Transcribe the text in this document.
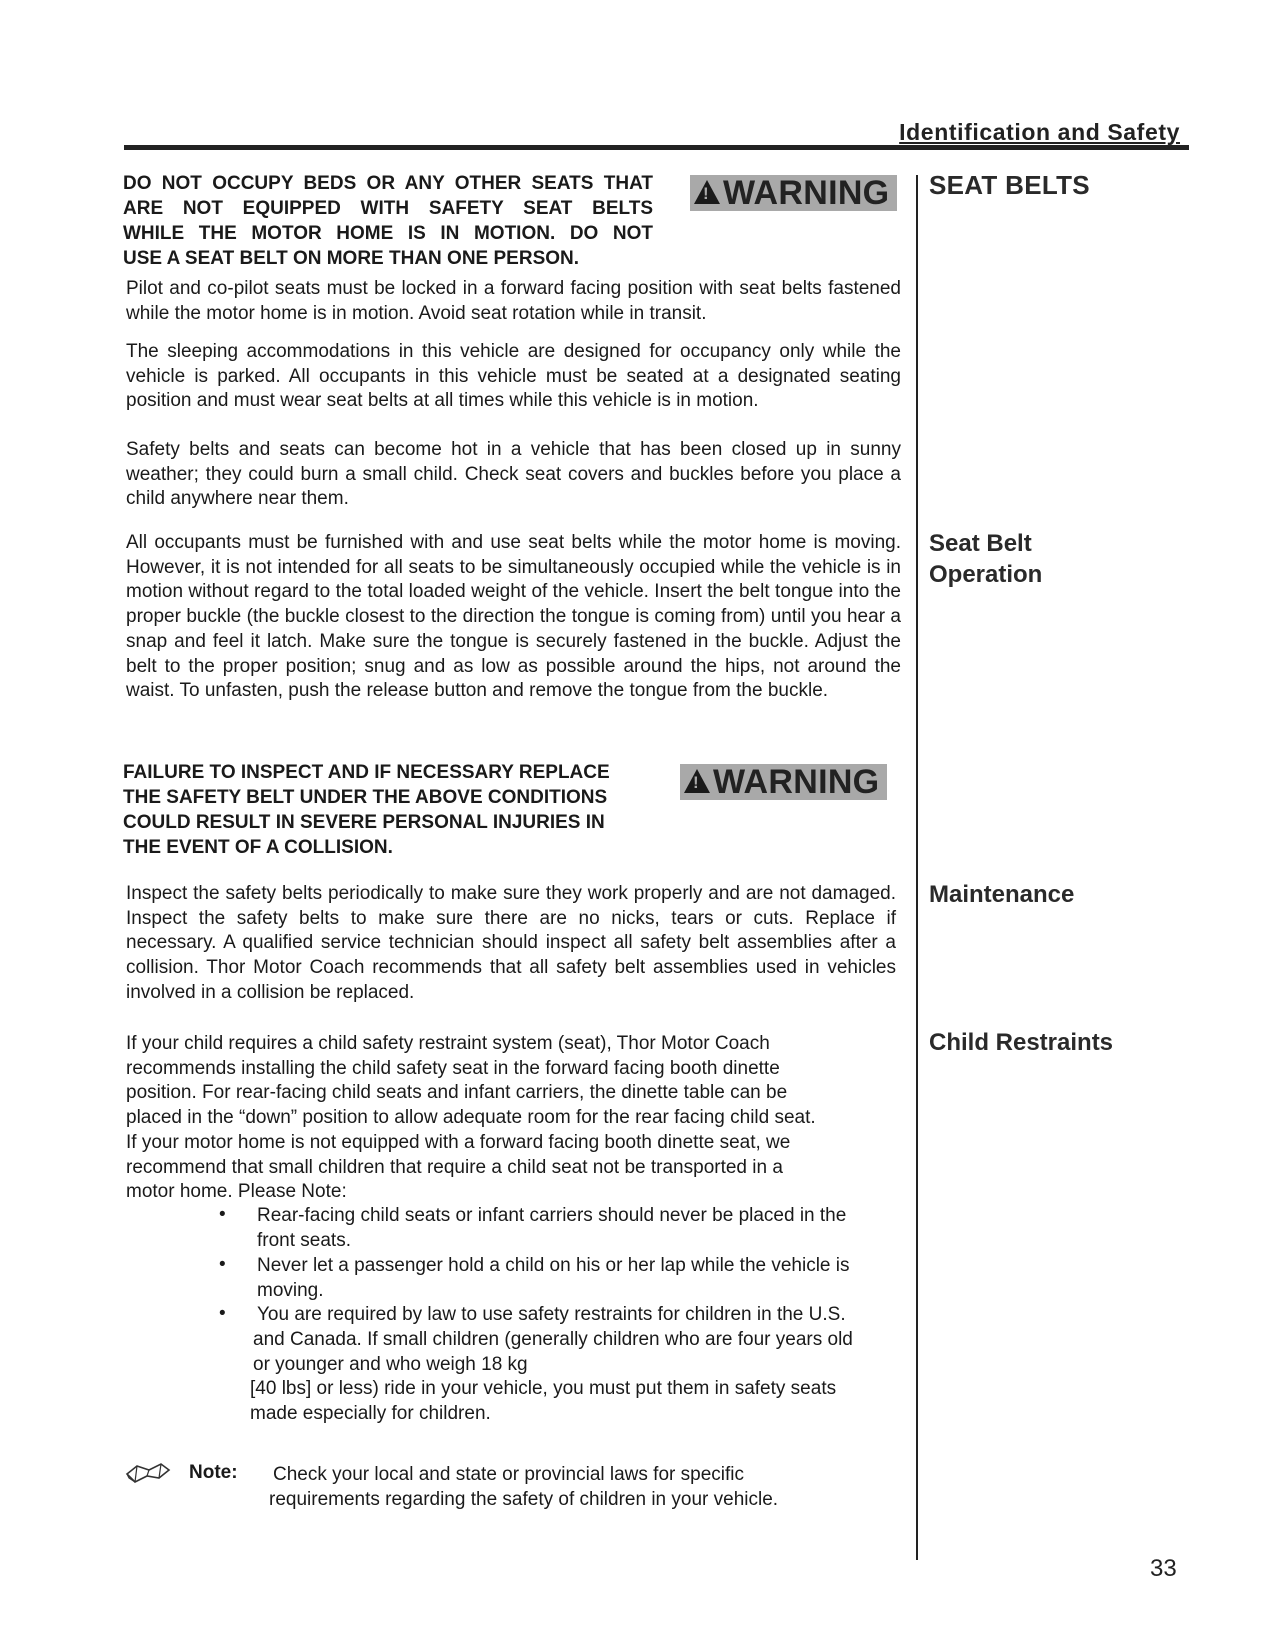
Identification and Safety
SEAT BELTS
Seat Belt
Operation
Maintenance
Child Restraints
DO NOT OCCUPY BEDS OR ANY OTHER SEATS THAT
ARE NOT EQUIPPED WITH SAFETY SEAT BELTS
WHILE THE MOTOR HOME IS IN MOTION. DO NOT
USE A SEAT BELT ON MORE THAN ONE PERSON.
!
WARNING
Pilot and co-pilot seats must be locked in a forward facing position with seat belts fastened while the motor home is in motion. Avoid seat rotation while in transit.
The sleeping accommodations in this vehicle are designed for occupancy only while the vehicle is parked. All occupants in this vehicle must be seated at a designated seating position and must wear seat belts at all times while this vehicle is in motion.
Safety belts and seats can become hot in a vehicle that has been closed up in sunny weather; they could burn a small child. Check seat covers and buckles before you place a child anywhere near them.
All occupants must be furnished with and use seat belts while the motor home is moving. However, it is not intended for all seats to be simultaneously occupied while the vehicle is in motion without regard to the total loaded weight of the vehicle. Insert the belt tongue into the proper buckle (the buckle closest to the direction the tongue is coming from) until you hear a snap and feel it latch. Make sure the tongue is securely fastened in the buckle. Adjust the belt to the proper position; snug and as low as possible around the hips, not around the waist. To unfasten, push the release button and remove the tongue from the buckle.
FAILURE TO INSPECT AND IF NECESSARY REPLACE
THE SAFETY BELT UNDER THE ABOVE CONDITIONS
COULD RESULT IN SEVERE PERSONAL INJURIES IN
THE EVENT OF A COLLISION.
!
WARNING
Inspect the safety belts periodically to make sure they work properly and are not damaged. Inspect the safety belts to make sure there are no nicks, tears or cuts. Replace if necessary. A qualified service technician should inspect all safety belt assemblies after a collision. Thor Motor Coach recommends that all safety belt assemblies used in vehicles involved in a collision be replaced.
If your child requires a child safety restraint system (seat), Thor Motor Coach
recommends installing the child safety seat in the forward facing booth dinette
position. For rear-facing child seats and infant carriers, the dinette table can be
placed in the “down” position to allow adequate room for the rear facing child seat.
If your motor home is not equipped with a forward facing booth dinette seat, we
recommend that small children that require a child seat not be transported in a
motor home. Please Note:
• Rear-facing child seats or infant carriers should never be placed in the
front seats.
• Never let a passenger hold a child on his or her lap while the vehicle is
moving.
• You are required by law to use safety restraints for children in the U.S.
and Canada. If small children (generally children who are four years old
or younger and who weigh 18 kg
[40 lbs] or less) ride in your vehicle, you must put them in safety seats
made especially for children.
Note: Check your local and state or provincial laws for specific
requirements regarding the safety of children in your vehicle.
33
